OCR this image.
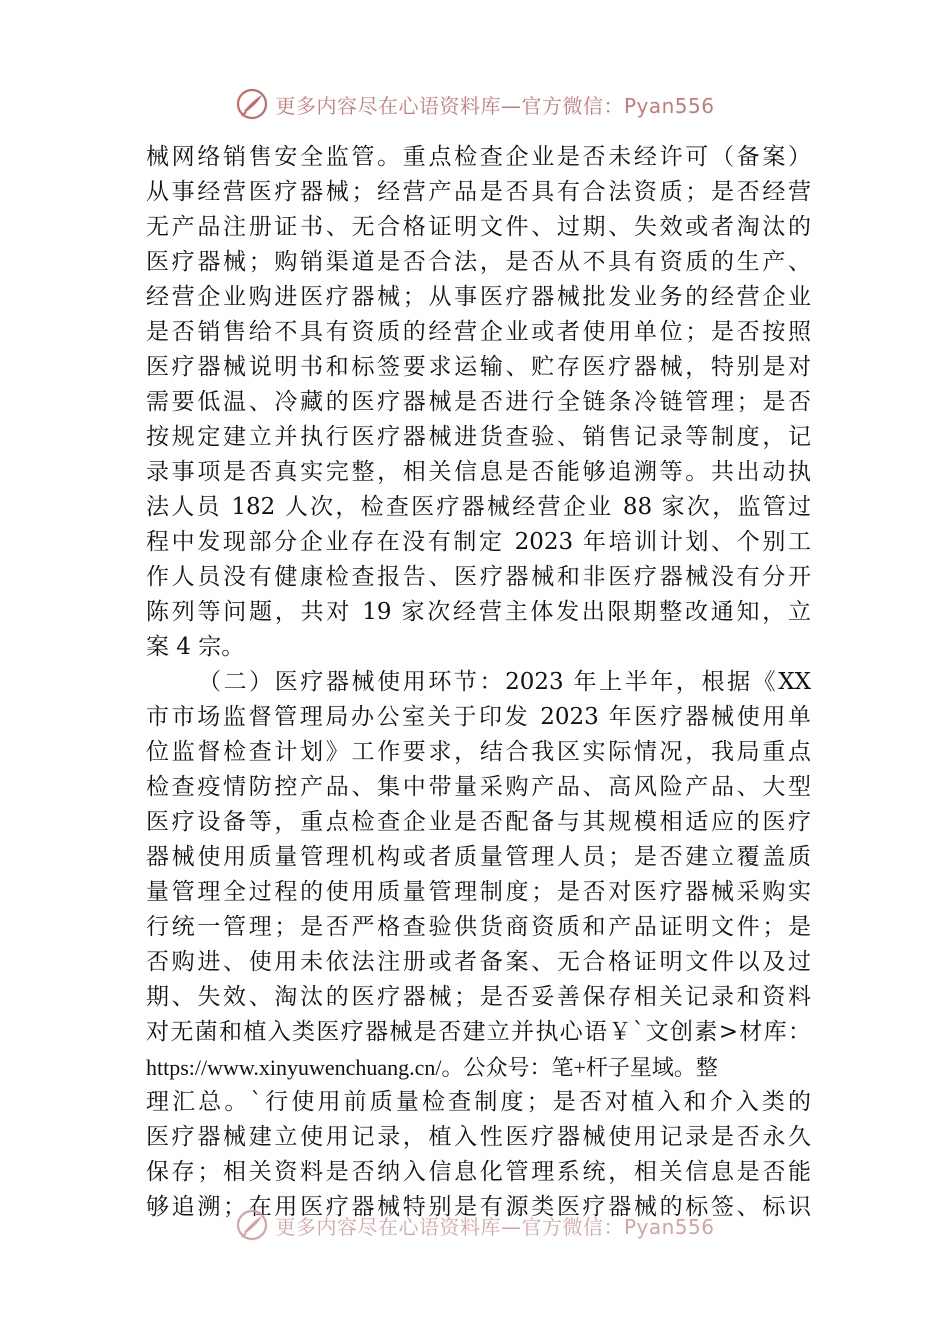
更多内容尽在心语资料库—官方微信：Pyan556
械网络销售安全监管。重点检查企业是否未经许可（备案）
从事经营医疗器械；经营产品是否具有合法资质；是否经营
无产品注册证书、无合格证明文件、过期、失效或者淘汰的
医疗器械；购销渠道是否合法，是否从不具有资质的生产、
经营企业购进医疗器械；从事医疗器械批发业务的经营企业
是否销售给不具有资质的经营企业或者使用单位；是否按照
医疗器械说明书和标签要求运输、贮存医疗器械，特别是对
需要低温、冷藏的医疗器械是否进行全链条冷链管理；是否
按规定建立并执行医疗器械进货查验、销售记录等制度，记
录事项是否真实完整，相关信息是否能够追溯等。共出动执
法人员 182 人次，检查医疗器械经营企业 88 家次，监管过
程中发现部分企业存在没有制定 2023 年培训计划、个别工
作人员没有健康检查报告、医疗器械和非医疗器械没有分开
陈列等问题，共对 19 家次经营主体发出限期整改通知，立
案 4 宗。
（二）医疗器械使用环节：2023 年上半年，根据《XX
市市场监督管理局办公室关于印发 2023 年医疗器械使用单
位监督检查计划》工作要求，结合我区实际情况，我局重点
检查疫情防控产品、集中带量采购产品、高风险产品、大型
医疗设备等，重点检查企业是否配备与其规模相适应的医疗
器械使用质量管理机构或者质量管理人员；是否建立覆盖质
量管理全过程的使用质量管理制度；是否对医疗器械采购实
行统一管理；是否严格查验供货商资质和产品证明文件；是
否购进、使用未依法注册或者备案、无合格证明文件以及过
期、失效、淘汰的医疗器械；是否妥善保存相关记录和资料
对无菌和植入类医疗器械是否建立并执心语￥`文创素>材库：
https://www.xinyuwenchuang.cn/。公众号：笔+杆子星域。整
理汇总。`行使用前质量检查制度；是否对植入和介入类的
医疗器械建立使用记录，植入性医疗器械使用记录是否永久
保存；相关资料是否纳入信息化管理系统，相关信息是否能
够追溯；在用医疗器械特别是有源类医疗器械的标签、标识
更多内容尽在心语资料库—官方微信：Pyan556
